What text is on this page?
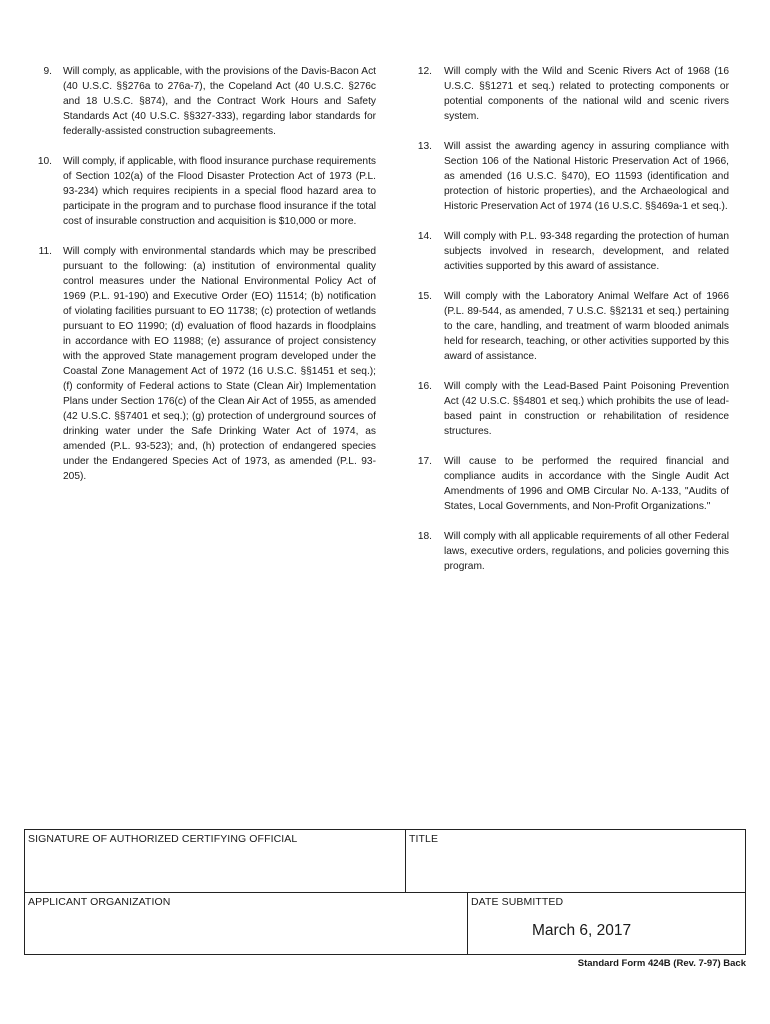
9. Will comply, as applicable, with the provisions of the Davis-Bacon Act (40 U.S.C. §§276a to 276a-7), the Copeland Act (40 U.S.C. §276c and 18 U.S.C. §874), and the Contract Work Hours and Safety Standards Act (40 U.S.C. §§327-333), regarding labor standards for federally-assisted construction subagreements.
10. Will comply, if applicable, with flood insurance purchase requirements of Section 102(a) of the Flood Disaster Protection Act of 1973 (P.L. 93-234) which requires recipients in a special flood hazard area to participate in the program and to purchase flood insurance if the total cost of insurable construction and acquisition is $10,000 or more.
11. Will comply with environmental standards which may be prescribed pursuant to the following: (a) institution of environmental quality control measures under the National Environmental Policy Act of 1969 (P.L. 91-190) and Executive Order (EO) 11514; (b) notification of violating facilities pursuant to EO 11738; (c) protection of wetlands pursuant to EO 11990; (d) evaluation of flood hazards in floodplains in accordance with EO 11988; (e) assurance of project consistency with the approved State management program developed under the Coastal Zone Management Act of 1972 (16 U.S.C. §§1451 et seq.); (f) conformity of Federal actions to State (Clean Air) Implementation Plans under Section 176(c) of the Clean Air Act of 1955, as amended (42 U.S.C. §§7401 et seq.); (g) protection of underground sources of drinking water under the Safe Drinking Water Act of 1974, as amended (P.L. 93-523); and, (h) protection of endangered species under the Endangered Species Act of 1973, as amended (P.L. 93-205).
12. Will comply with the Wild and Scenic Rivers Act of 1968 (16 U.S.C. §§1271 et seq.) related to protecting components or potential components of the national wild and scenic rivers system.
13. Will assist the awarding agency in assuring compliance with Section 106 of the National Historic Preservation Act of 1966, as amended (16 U.S.C. §470), EO 11593 (identification and protection of historic properties), and the Archaeological and Historic Preservation Act of 1974 (16 U.S.C. §§469a-1 et seq.).
14. Will comply with P.L. 93-348 regarding the protection of human subjects involved in research, development, and related activities supported by this award of assistance.
15. Will comply with the Laboratory Animal Welfare Act of 1966 (P.L. 89-544, as amended, 7 U.S.C. §§2131 et seq.) pertaining to the care, handling, and treatment of warm blooded animals held for research, teaching, or other activities supported by this award of assistance.
16. Will comply with the Lead-Based Paint Poisoning Prevention Act (42 U.S.C. §§4801 et seq.) which prohibits the use of lead-based paint in construction or rehabilitation of residence structures.
17. Will cause to be performed the required financial and compliance audits in accordance with the Single Audit Act Amendments of 1996 and OMB Circular No. A-133, "Audits of States, Local Governments, and Non-Profit Organizations."
18. Will comply with all applicable requirements of all other Federal laws, executive orders, regulations, and policies governing this program.
SIGNATURE OF AUTHORIZED CERTIFYING OFFICIAL	TITLE
APPLICANT ORGANIZATION	DATE SUBMITTED
March 6, 2017
Standard Form 424B (Rev. 7-97) Back
